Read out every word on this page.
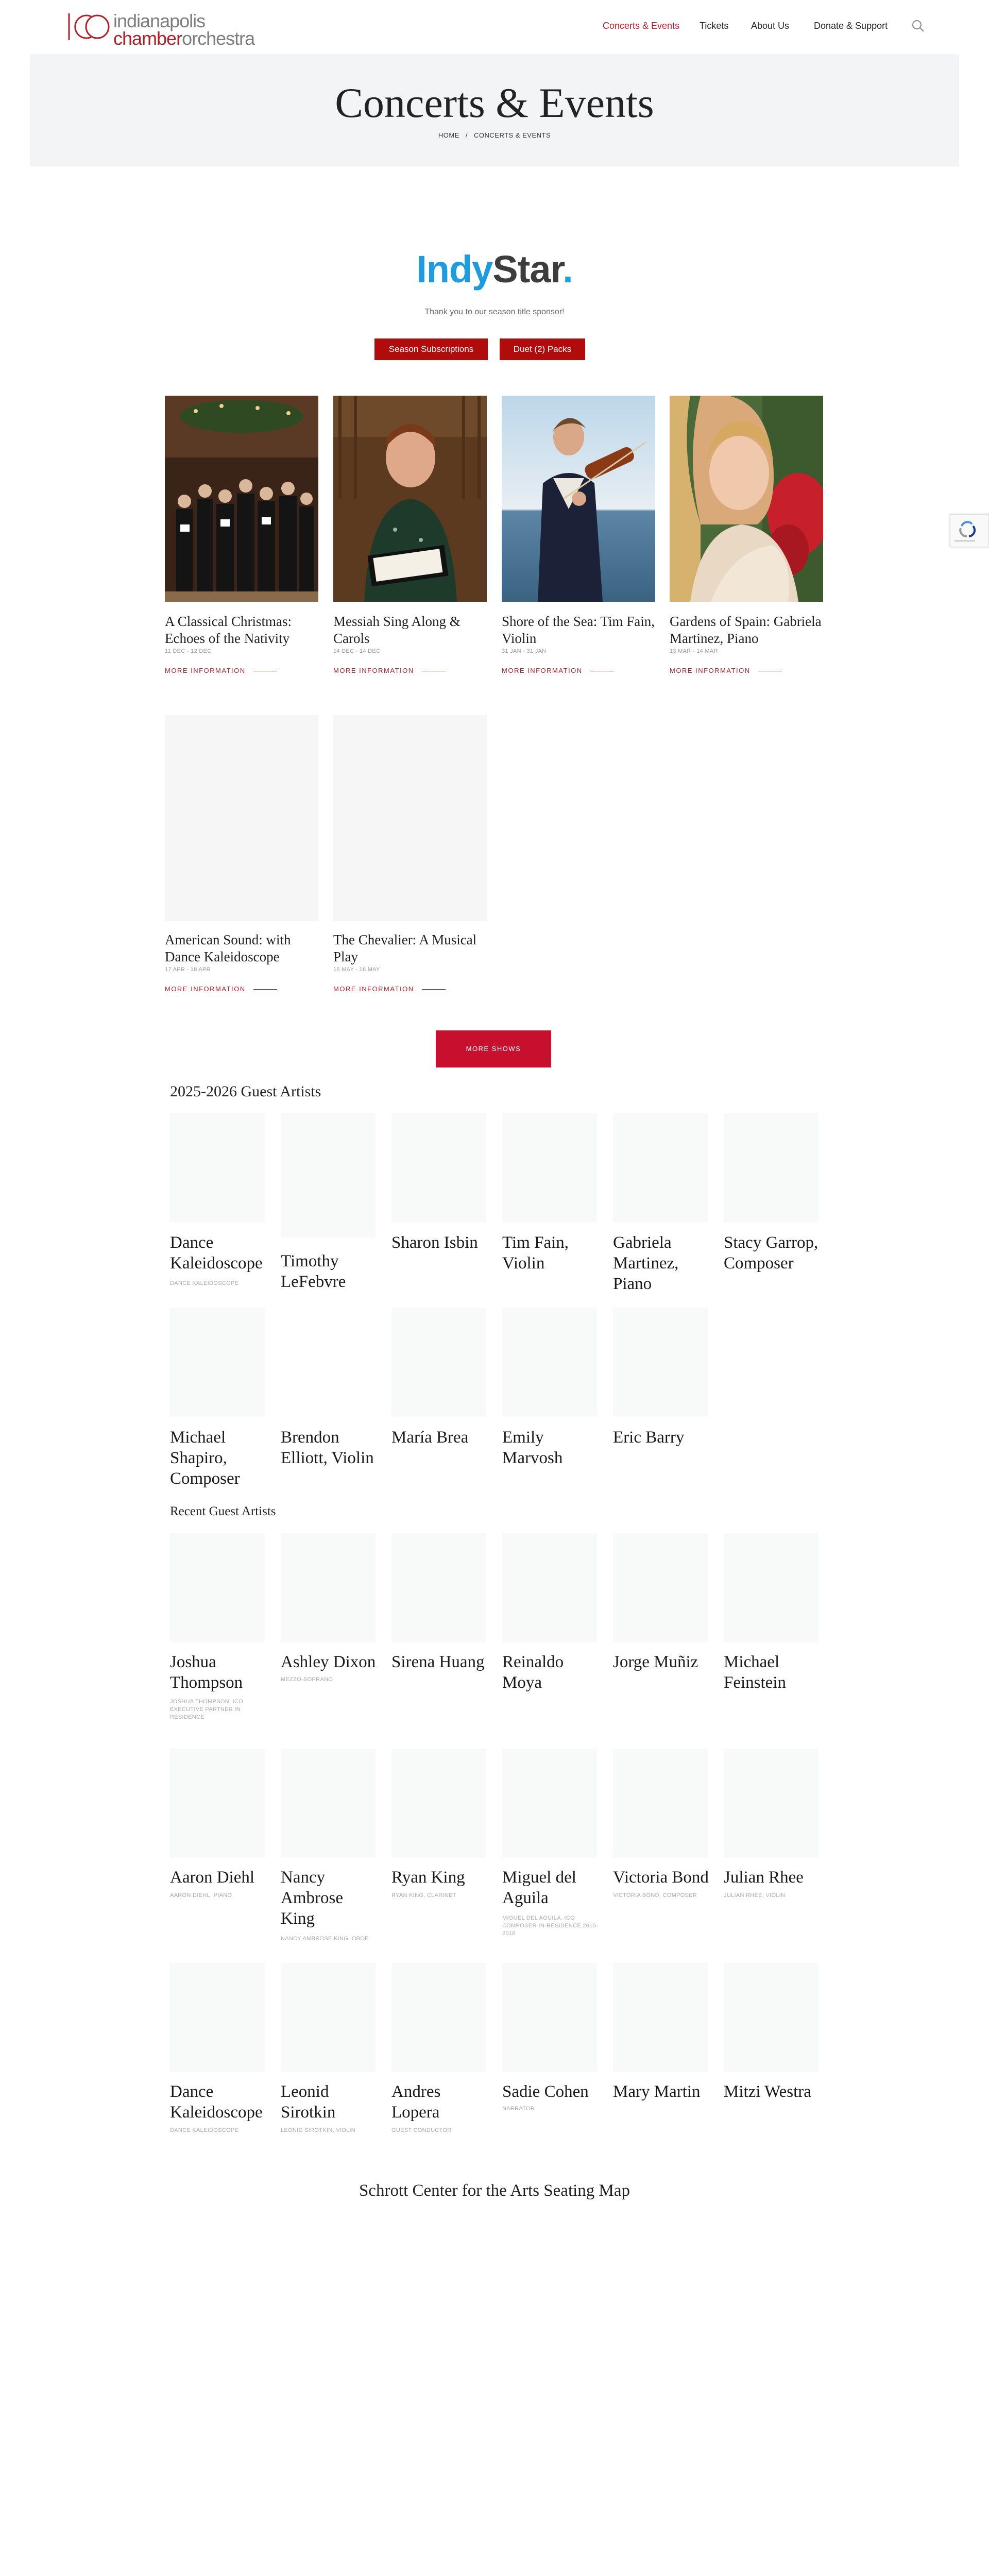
indianapolis
chamberorchestra
Concerts & Events Tickets About Us	Donate & Support
Concerts & Events
HOME / CONCERTS & EVENTS
IndyStar.
Thank you to our season title sponsor!
Season Subscriptions	Duet (2) Packs
A Classical Christmas: Echoes of the Nativity
11 DEC - 12 DEC
MORE INFORMATION
Messiah Sing Along & Carols
14 DEC - 14 DEC
MORE INFORMATION
Shore of the Sea: Tim Fain, Violin
31 JAN - 31 JAN
MORE INFORMATION
Gardens of Spain: Gabriela Martinez, Piano
13 MAR - 14 MAR
MORE INFORMATION
American Sound: with Dance Kaleidoscope
17 APR - 18 APR
MORE INFORMATION
The Chevalier: A Musical Play
16 MAY - 16 MAY
MORE INFORMATION
MORE SHOWS
2025-2026 Guest Artists
Dance Kaleidoscope
DANCE KALEIDOSCOPE
Timothy LeFebvre
Sharon Isbin	Tim Fain, Violin
Gabriela Martinez, Piano
Stacy Garrop, Composer
Michael Shapiro, Composer
Brendon Elliott, Violin
María Brea	Emily Marvosh
Eric Barry
Recent Guest Artists
Joshua Thompson
JOSHUA THOMPSON, ICO EXECUTIVE PARTNER IN RESIDENCE
Ashley Dixon
MEZZO-SOPRANO
Sirena Huang Reinaldo Moya
Jorge Muñiz	Michael Feinstein
Aaron Diehl
AARON DIEHL, PIANO
Nancy Ambrose King
NANCY AMBROSE KING, OBOE
Ryan King
RYAN KING, CLARINET
Miguel del Aguila
MIGUEL DEL AGUILA, ICO COMPOSER-IN-RESIDENCE 2015-2016
Victoria Bond
VICTORIA BOND, COMPOSER
Julian Rhee
JULIAN RHEE, VIOLIN
Dance Kaleidoscope
DANCE KALEIDOSCOPE
Leonid Sirotkin
LEONID SIROTKIN, VIOLIN
Andres Lopera
GUEST CONDUCTOR
Sadie Cohen
NARRATOR
Mary Martin	Mitzi Westra
Schrott Center for the Arts Seating Map
